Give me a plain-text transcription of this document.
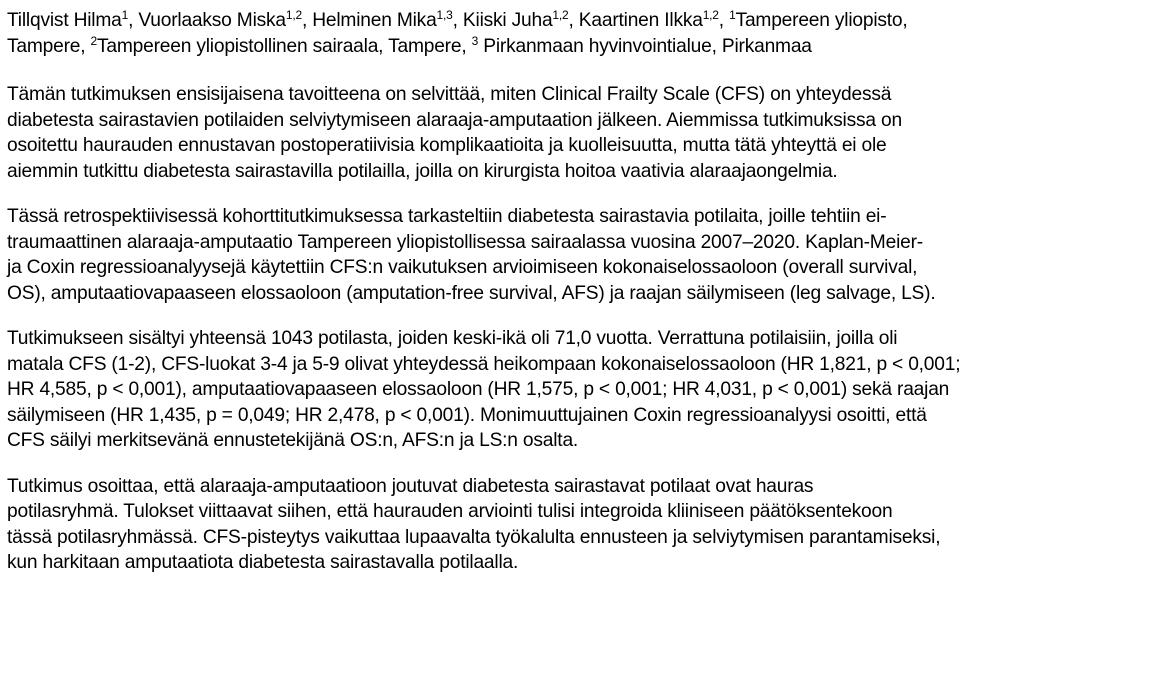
Tillqvist Hilma$^1$, Vuorlaakso Miska$^{1,2}$, Helminen Mika$^{1,3}$, Kiiski Juha$^{1,2}$, Kaartinen Ilkka$^{1,2}$, $^1$Tampereen yliopisto,
Tampere, $^2$Tampereen yliopistollinen sairaala, Tampere, $^3$ Pirkanmaan hyvinvointialue, Pirkanmaa

Tämän tutkimuksen ensisijaisena tavoitteena on selvittää, miten Clinical Frailty Scale (CFS) on yhteydessä
diabetesta sairastavien potilaiden selviytymiseen alaraaja-amputaation jälkeen. Aiemmissa tutkimuksissa on
osoitettu haurauden ennustavan postoperatiivisia komplikaatioita ja kuolleisuutta, mutta tätä yhteyttä ei ole
aiemmin tutkittu diabetesta sairastavilla potilailla, joilla on kirurgista hoitoa vaativia alaraajaongelmia.

Tässä retrospektiivisessä kohorttitutkimuksessa tarkasteltiin diabetesta sairastavia potilaita, joille tehtiin ei-
traumaattinen alaraaja-amputaatio Tampereen yliopistollisessa sairaalassa vuosina 2007–2020. Kaplan-Meier-
ja Coxin regressioanalyysejä käytettiin CFS:n vaikutuksen arvioimiseen kokonaiselossaoloon (overall survival,
OS), amputaatiovapaaseen elossaoloon (amputation-free survival, AFS) ja raajan säilymiseen (leg salvage, LS).

Tutkimukseen sisältyi yhteensä 1043 potilasta, joiden keski-ikä oli 71,0 vuotta. Verrattuna potilaisiin, joilla oli
matala CFS (1-2), CFS-luokat 3-4 ja 5-9 olivat yhteydessä heikompaan kokonaiselossaoloon (HR 1,821, p < 0,001;
HR 4,585, p < 0,001), amputaatiovapaaseen elossaoloon (HR 1,575, p < 0,001; HR 4,031, p < 0,001) sekä raajan
säilymiseen (HR 1,435, p = 0,049; HR 2,478, p < 0,001). Monimuuttujainen Coxin regressioanalyysi osoitti, että
CFS säilyi merkitsevänä ennustetekijänä OS:n, AFS:n ja LS:n osalta.

Tutkimus osoittaa, että alaraaja-amputaatioon joutuvat diabetesta sairastavat potilaat ovat hauras
potilasryhmä. Tulokset viittaavat siihen, että haurauden arviointi tulisi integroida kliiniseen päätöksentekoon
tässä potilasryhmässä. CFS-pisteytys vaikuttaa lupaavalta työkalulta ennusteen ja selviytymisen parantamiseksi,
kun harkitaan amputaatiota diabetesta sairastavalla potilaalla.
